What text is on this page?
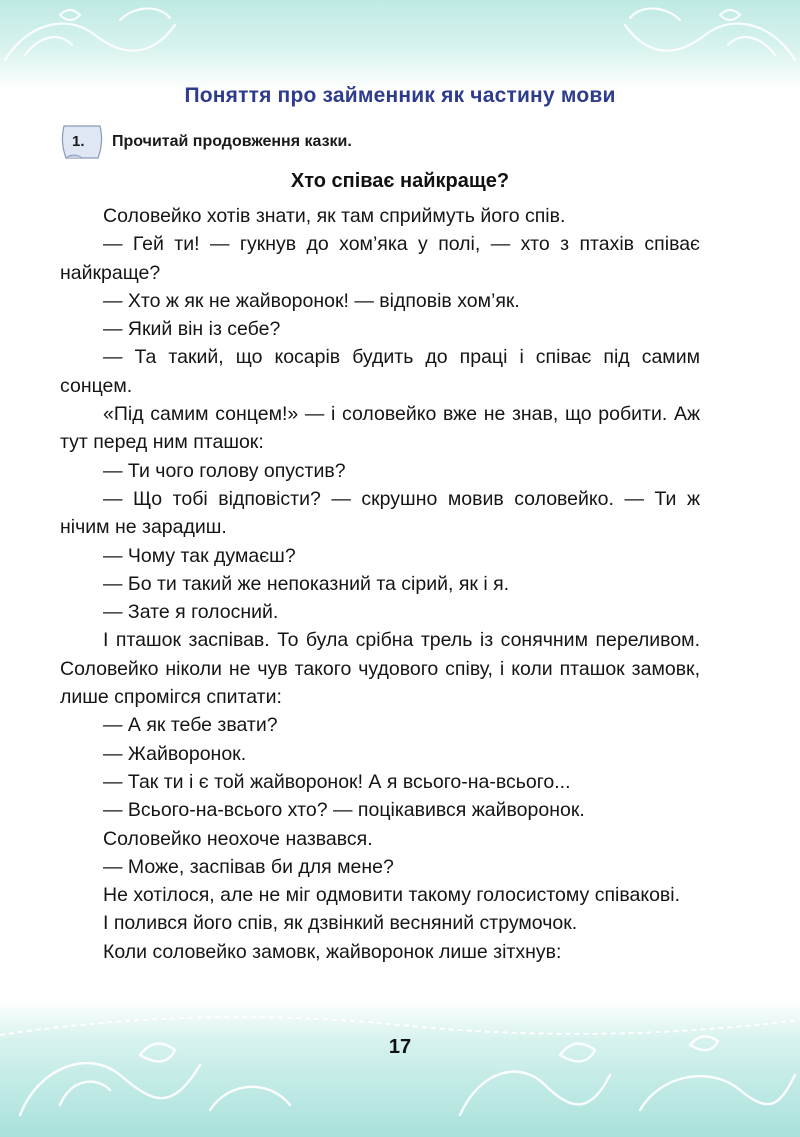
Поняття про займенник як частину мови
1. Прочитай продовження казки.
Хто співає найкраще?

Соловейко хотів знати, як там сприймуть його спів.

— Гей ти! — гукнув до хом’яка у полі, — хто з птахів співає найкраще?

— Хто ж як не жайворонок! — відповів хом’як.

— Який він із себе?

— Та такий, що косарів будить до праці і співає під самим сонцем.

«Під самим сонцем!» — і соловейко вже не знав, що робити. Аж тут перед ним пташок:

— Ти чого голову опустив?

— Що тобі відповісти? — скрушно мовив соловейко. — Ти ж нічим не зарадиш.

— Чому так думаєш?

— Бо ти такий же непоказний та сірий, як і я.

— Зате я голосний.

І пташок заспівав. То була срібна трель із сонячним переливом. Соловейко ніколи не чув такого чудового співу, і коли пташок замовк, лише спромігся спитати:

— А як тебе звати?

— Жайворонок.

— Так ти і є той жайворонок! А я всього-на-всього...

— Всього-на-всього хто? — поцікавився жайворонок.

Соловейко неохоче назвався.

— Може, заспівав би для мене?

Не хотілося, але не міг одмовити такому голосистому співакові.

І полився його спів, як дзвінкий весняний струмочок.

Коли соловейко замовк, жайворонок лише зітхнув:

17
